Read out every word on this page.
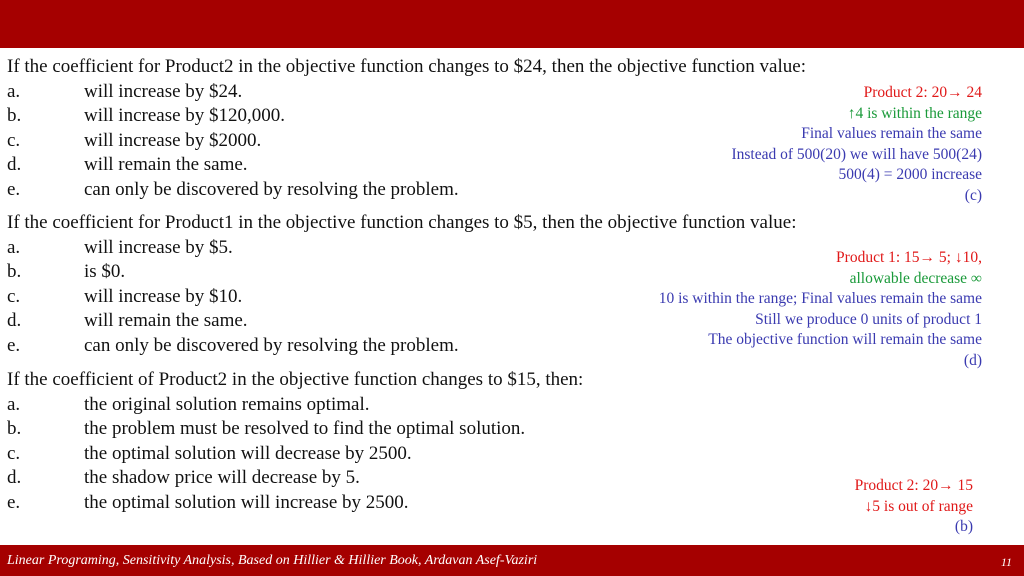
If the coefficient for Product2 in the objective function changes to $24, then the objective function value:
a.	will increase by $24.
b.	will increase by $120,000.
c.	will increase by $2000.
d.	will remain the same.
e.	can only be discovered by resolving the problem.
If the coefficient for Product1 in the objective function changes to $5, then the objective function value:
a.	will increase by $5.
b.	is $0.
c.	will increase by $10.
d.	will remain the same.
e.	can only be discovered by resolving the problem.
If the coefficient of Product2 in the objective function changes to $15, then:
a.	the original solution remains optimal.
b.	the problem must be resolved to find the optimal solution.
c.	the optimal solution will decrease by 2500.
d.	the shadow price will decrease by 5.
e.	the optimal solution will increase by 2500.
Product 2: 20→ 24
↑4 is within the range
Final values remain the same
Instead of 500(20) we will have 500(24)
500(4) = 2000 increase
(c)
Product 1: 15→ 5; ↓10,
allowable decrease ∞
10 is within the range; Final values remain the same
Still we produce 0 units of product 1
The objective function will remain the same
(d)
Product 2: 20→ 15
↓5 is out of range
(b)
Linear Programing, Sensitivity Analysis, Based on Hillier & Hillier Book, Ardavan Asef-Vaziri	11
